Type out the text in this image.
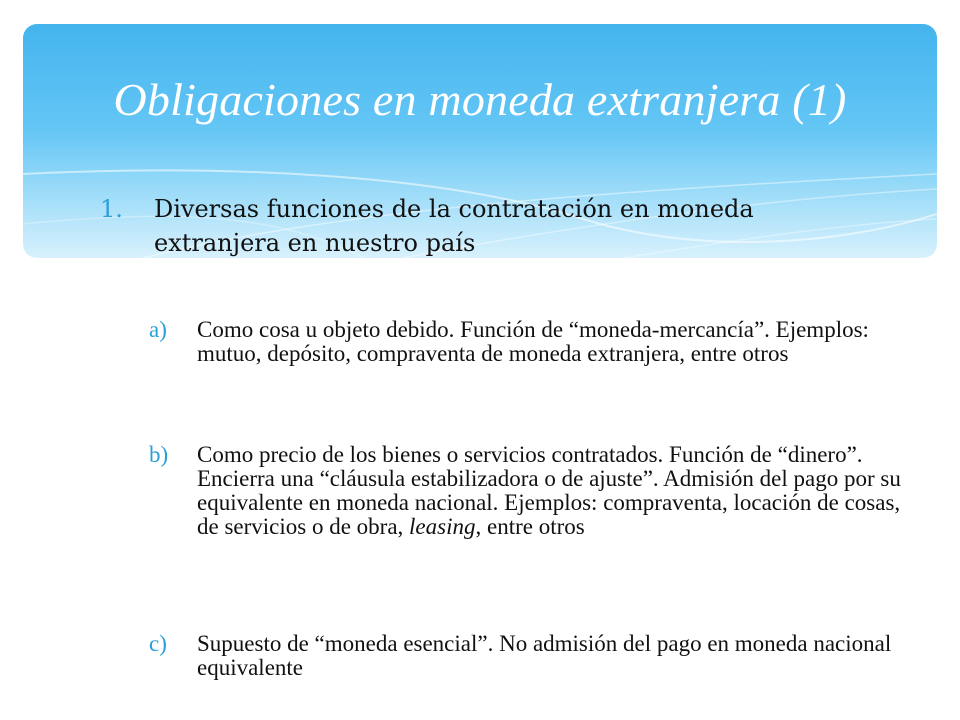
Obligaciones en moneda extranjera (1)
1. Diversas funciones de la contratación en moneda extranjera en nuestro país
a) Como cosa u objeto debido. Función de “moneda-mercancía”. Ejemplos: mutuo, depósito, compraventa de moneda extranjera, entre otros
b) Como precio de los bienes o servicios contratados. Función de “dinero”. Encierra una “cláusula estabilizadora o de ajuste”. Admisión del pago por su equivalente en moneda nacional. Ejemplos: compraventa, locación de cosas, de servicios o de obra, leasing, entre otros
c) Supuesto de “moneda esencial”. No admisión del pago en moneda nacional equivalente
